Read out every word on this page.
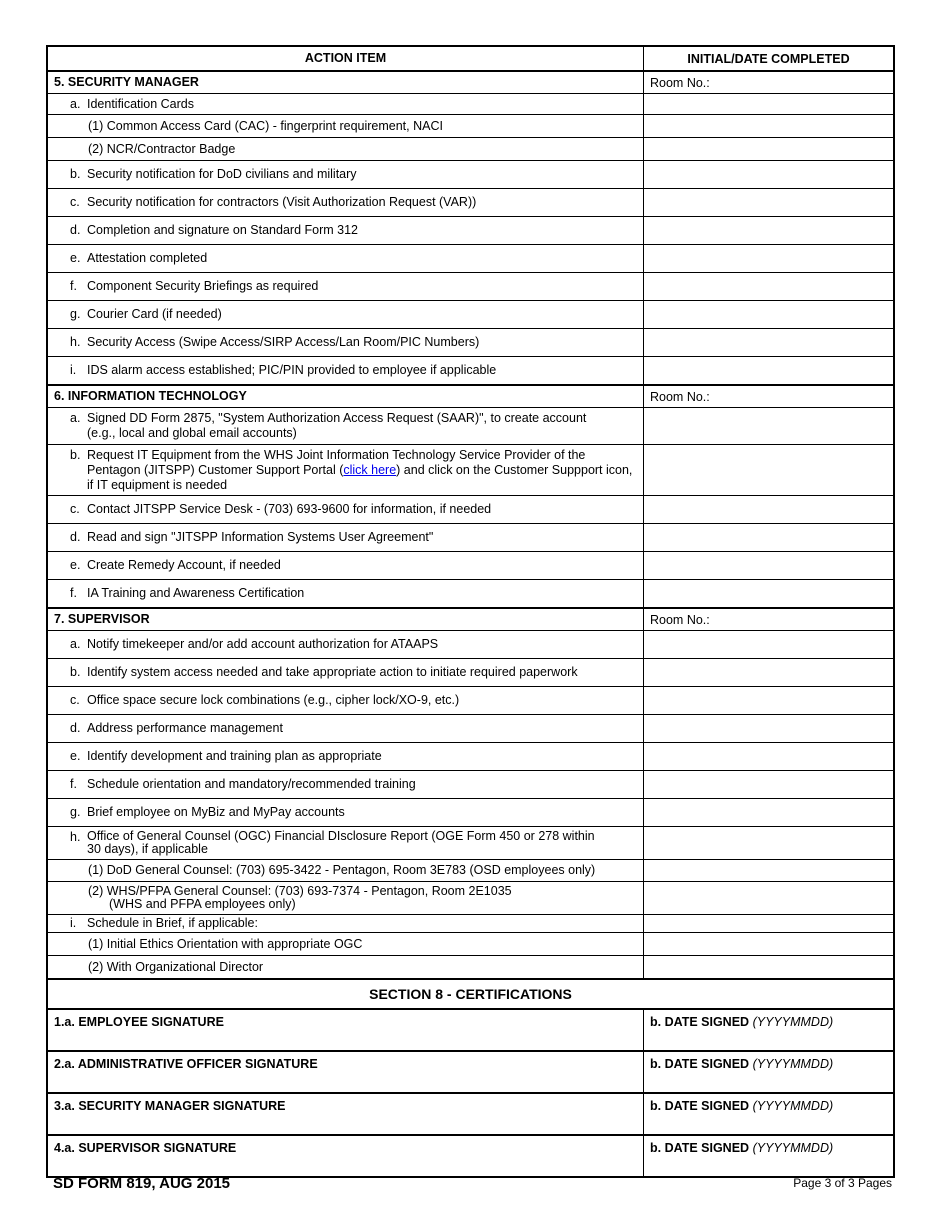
ACTION ITEM	INITIAL/DATE COMPLETED
5. SECURITY MANAGER	Room No.:
a. Identification Cards
(1) Common Access Card (CAC) - fingerprint requirement, NACI
(2) NCR/Contractor Badge
b. Security notification for DoD civilians and military
c. Security notification for contractors (Visit Authorization Request (VAR))
d. Completion and signature on Standard Form 312
e. Attestation completed
f. Component Security Briefings as required
g. Courier Card (if needed)
h. Security Access (Swipe Access/SIRP Access/Lan Room/PIC Numbers)
i. IDS alarm access established; PIC/PIN provided to employee if applicable
6. INFORMATION TECHNOLOGY	Room No.:
a. Signed DD Form 2875, "System Authorization Access Request (SAAR)", to create account
(e.g., local and global email accounts)
b. Request IT Equipment from the WHS Joint Information Technology Service Provider of the Pentagon (JITSPP) Customer Support Portal (click here) and click on the Customer Suppport icon, if IT equipment is needed
c. Contact JITSPP Service Desk - (703) 693-9600 for information, if needed
d. Read and sign "JITSPP Information Systems User Agreement"
e. Create Remedy Account, if needed
f. IA Training and Awareness Certification
7. SUPERVISOR	Room No.:
a. Notify timekeeper and/or add account authorization for ATAAPS
b. Identify system access needed and take appropriate action to initiate required paperwork
c. Office space secure lock combinations (e.g., cipher lock/XO-9, etc.)
d. Address performance management
e. Identify development and training plan as appropriate
f. Schedule orientation and mandatory/recommended training
g. Brief employee on MyBiz and MyPay accounts
h. Office of General Counsel (OGC) Financial DIsclosure Report (OGE Form 450 or 278 within
30 days), if applicable
(1) DoD General Counsel: (703) 695-3422 - Pentagon, Room 3E783 (OSD employees only)
(2) WHS/PFPA General Counsel: (703) 693-7374 - Pentagon, Room 2E1035
(WHS and PFPA employees only)
i. Schedule in Brief, if applicable:
(1) Initial Ethics Orientation with appropriate OGC
(2) With Organizational Director
SECTION 8 - CERTIFICATIONS
1.a. EMPLOYEE SIGNATURE	b. DATE SIGNED (YYYYMMDD)
2.a. ADMINISTRATIVE OFFICER SIGNATURE	b. DATE SIGNED (YYYYMMDD)
3.a. SECURITY MANAGER SIGNATURE	b. DATE SIGNED (YYYYMMDD)
4.a. SUPERVISOR SIGNATURE	b. DATE SIGNED (YYYYMMDD)
SD FORM 819, AUG 2015	Page 3 of 3 Pages
